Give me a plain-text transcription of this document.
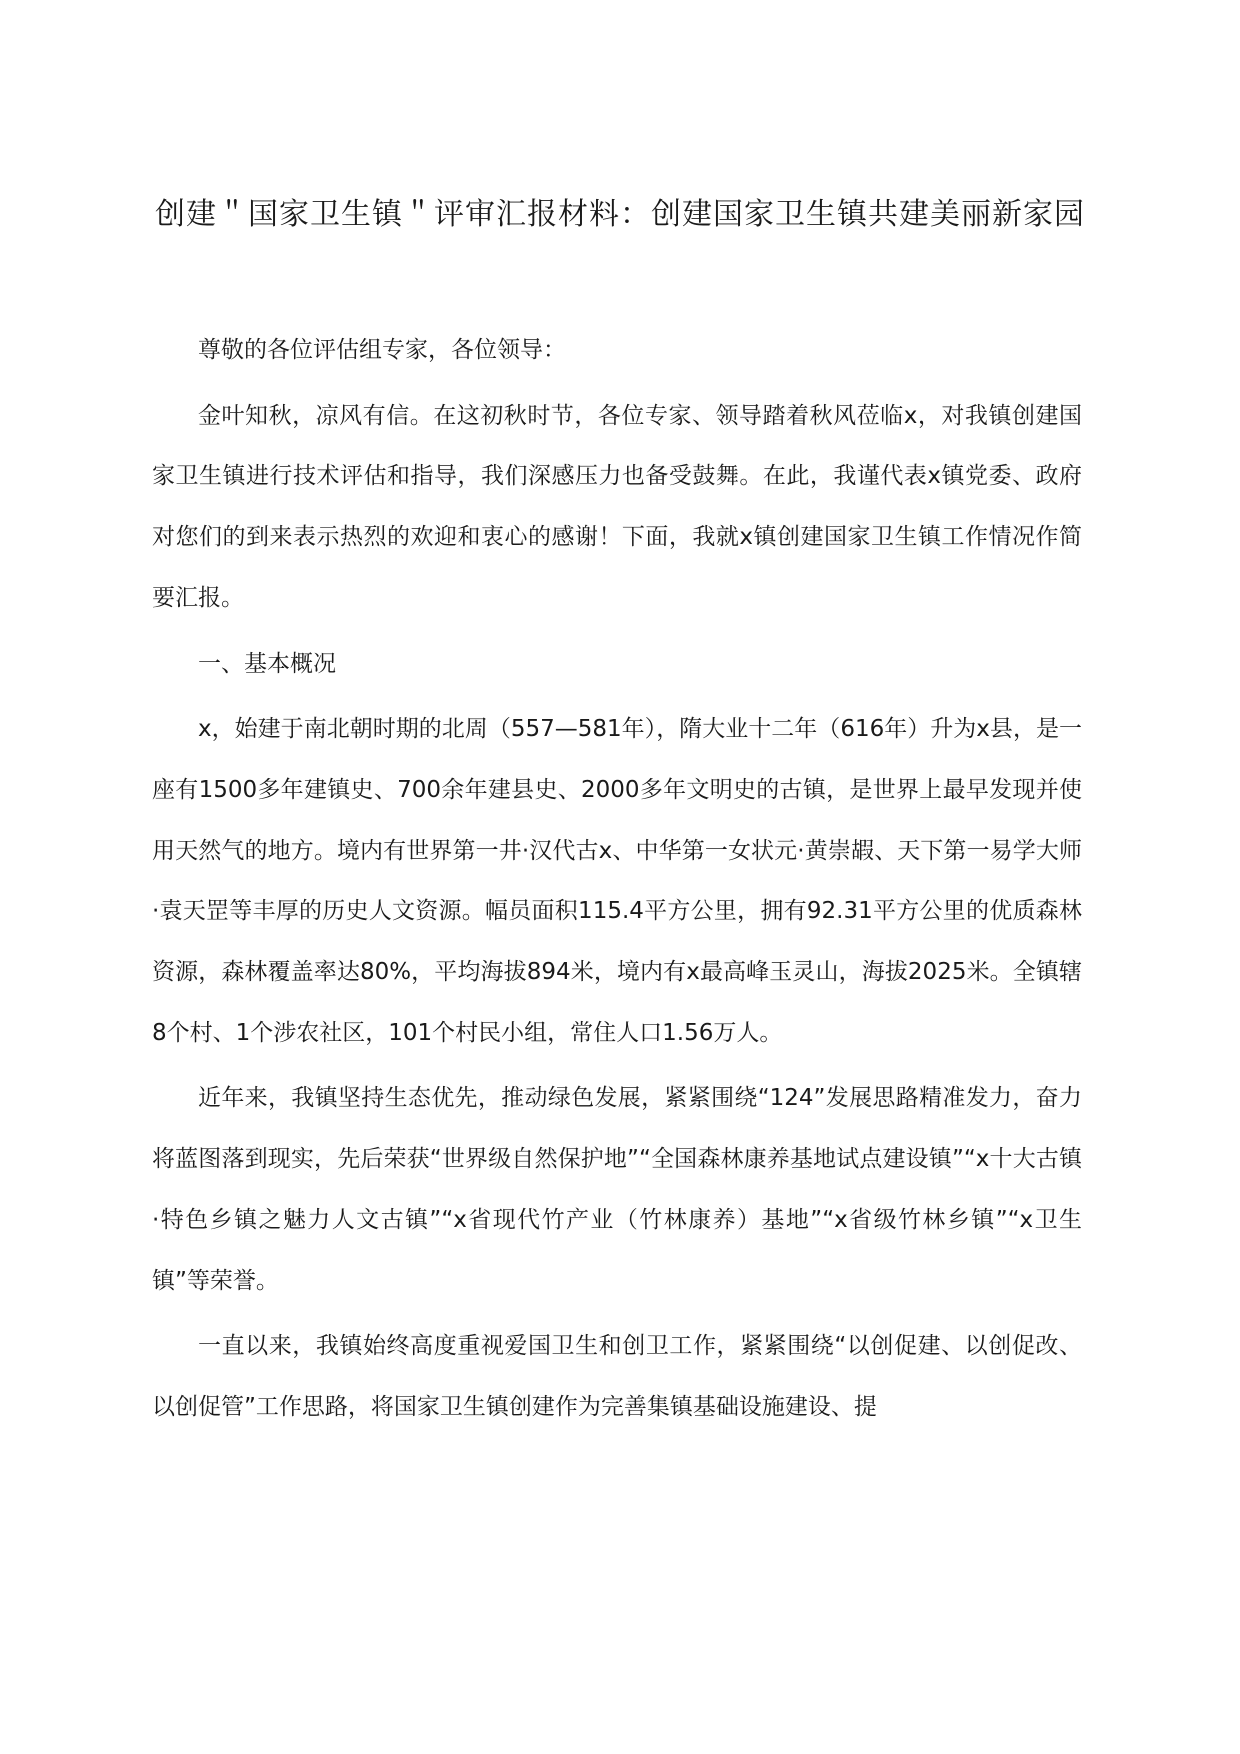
创建＂国家卫生镇＂评审汇报材料：创建国家卫生镇共建美丽新家园

尊敬的各位评估组专家，各位领导：

金叶知秋，凉风有信。在这初秋时节，各位专家、领导踏着秋风莅临x，对我镇创建国家卫生镇进行技术评估和指导，我们深感压力也备受鼓舞。在此，我谨代表x镇党委、政府对您们的到来表示热烈的欢迎和衷心的感谢！下面，我就x镇创建国家卫生镇工作情况作简要汇报。

一、基本概况

x，始建于南北朝时期的北周（557—581年），隋大业十二年（616年）升为x县，是一座有1500多年建镇史、700余年建县史、2000多年文明史的古镇，是世界上最早发现并使用天然气的地方。境内有世界第一井·汉代古x、中华第一女状元·黄崇嘏、天下第一易学大师·袁天罡等丰厚的历史人文资源。幅员面积115.4平方公里，拥有92.31平方公里的优质森林资源，森林覆盖率达80%，平均海拔894米，境内有x最高峰玉灵山，海拔2025米。全镇辖8个村、1个涉农社区，101个村民小组，常住人口1.56万人。

近年来，我镇坚持生态优先，推动绿色发展，紧紧围绕“124”发展思路精准发力，奋力将蓝图落到现实，先后荣获“世界级自然保护地”“全国森林康养基地试点建设镇”“x十大古镇·特色乡镇之魅力人文古镇”“x省现代竹产业（竹林康养）基地”“x省级竹林乡镇”“x卫生镇”等荣誉。

一直以来，我镇始终高度重视爱国卫生和创卫工作，紧紧围绕“以创促建、以创促改、以创促管”工作思路，将国家卫生镇创建作为完善集镇基础设施建设、提
